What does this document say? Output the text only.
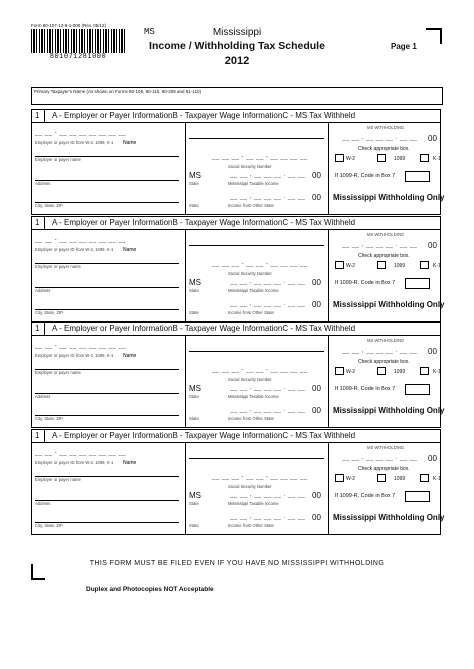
Form 80-107-12-8-1-000 (Rev. 05/12)
801071281000
MS	Mississippi
Income / Withholding Tax Schedule
2012
Page 1
Primary Taxpayer's Name (As shown on Forms 80-105, 80-110, 80-205 and 81-110)
1 A - Employer or Payer InformationB - Taxpayer Wage InformationC - MS Tax Withheld
__ __ - __ __ __ __ __ __ __
Employer or payer ID from W-2, 1099, K-1 Name
Employer or payer name
Address
City, State, ZIP
__ __ __ - __ __ - __ __ __ __
Social Security Number
MS	__ __ , __ __ __ . __ __ 00
State	Mississippi Taxable Income
__ __ , __ __ __ . __ __ 00
State	Income from Other State
MS WITHHOLDING
__ __ , __ __ __ . __ __ 00
Check appropriate box.
W-2	1099	K-1
If 1099-R, Code in Box 7
Mississippi Withholding Only
1 A - Employer or Payer InformationB - Taxpayer Wage InformationC - MS Tax Withheld
__ __ - __ __ __ __ __ __ __
Employer or payer ID from W-2, 1099, K-1 Name
Employer or payer name
Address
City, State, ZIP
__ __ __ - __ __ - __ __ __ __
Social Security Number
MS	__ __ , __ __ __ . __ __ 00
State	Mississippi Taxable Income
__ __ , __ __ __ . __ __ 00
State	Income from Other State
MS WITHHOLDING
__ __ , __ __ __ . __ __ 00
Check appropriate box.
W-2	1099	K-1
If 1099-R, Code in Box 7
Mississippi Withholding Only
1 A - Employer or Payer InformationB - Taxpayer Wage InformationC - MS Tax Withheld
__ __ - __ __ __ __ __ __ __
Employer or payer ID from W-2, 1099, K-1 Name
Employer or payer name
Address
City, State, ZIP
__ __ __ - __ __ - __ __ __ __
Social Security Number
MS	__ __ , __ __ __ . __ __ 00
State	Mississippi Taxable Income
__ __ , __ __ __ . __ __ 00
State	Income from Other State
MS WITHHOLDING
__ __ , __ __ __ . __ __ 00
Check appropriate box.
W-2	1099	K-1
If 1099-R, Code in Box 7
Mississippi Withholding Only
1 A - Employer or Payer InformationB - Taxpayer Wage InformationC - MS Tax Withheld
__ __ - __ __ __ __ __ __ __
Employer or payer ID from W-2, 1099, K-1 Name
Employer or payer name
Address
City, State, ZIP
__ __ __ - __ __ - __ __ __ __
Social Security Number
MS	__ __ , __ __ __ . __ __ 00
State	Mississippi Taxable Income
__ __ , __ __ __ . __ __ 00
State	Income from Other State
MS WITHHOLDING
__ __ , __ __ __ . __ __ 00
Check appropriate box.
W-2	1099	K-1
If 1099-R, Code in Box 7
Mississippi Withholding Only
THIS FORM MUST BE FILED EVEN IF YOU HAVE NO MISSISSIPPI WITHHOLDING
Duplex and Photocopies NOT Acceptable
